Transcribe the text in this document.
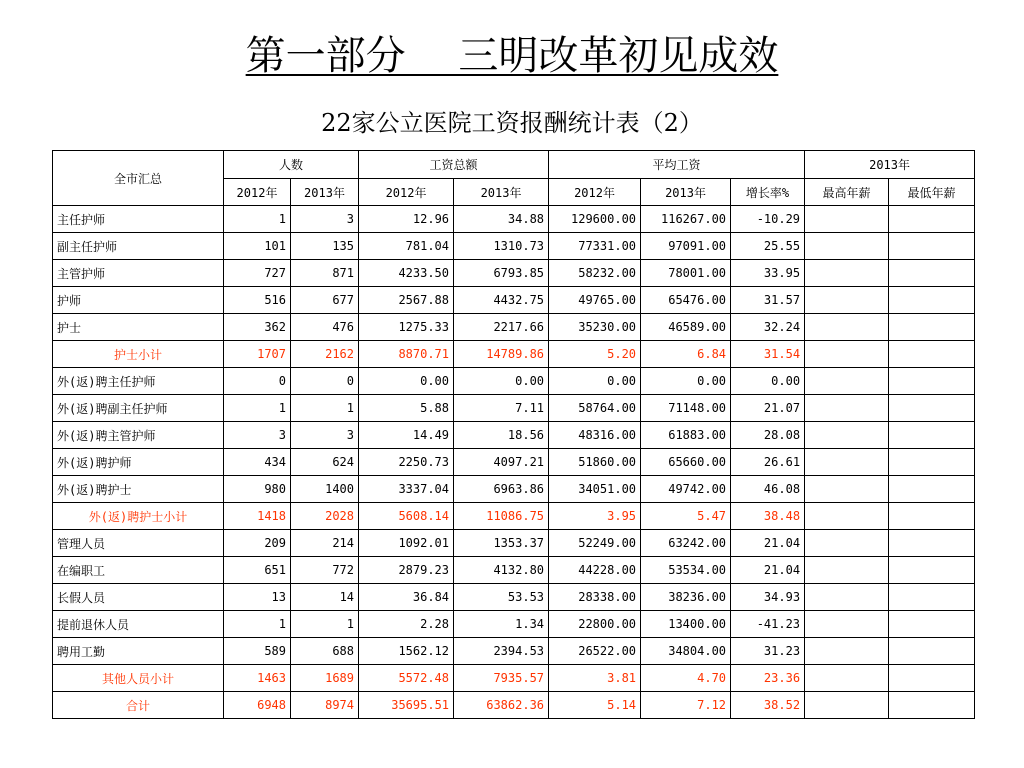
第一部分　 三明改革初见成效
22家公立医院工资报酬统计表（2）
全市汇总	人数		工资总额		平均工资			2013年	
	2012年	2013年	2012年	2013年	2012年	2013年	增长率%	最高年薪	最低年薪
主任护师	1	3	12.96	34.88	129600.00	116267.00	-10.29		
副主任护师	101	135	781.04	1310.73	77331.00	97091.00	25.55		
主管护师	727	871	4233.50	6793.85	58232.00	78001.00	33.95		
护师	516	677	2567.88	4432.75	49765.00	65476.00	31.57		
护士	362	476	1275.33	2217.66	35230.00	46589.00	32.24		
护士小计	1707	2162	8870.71	14789.86	5.20	6.84	31.54		
外(返)聘主任护师	0	0	0.00	0.00	0.00	0.00	0.00		
外(返)聘副主任护师	1	1	5.88	7.11	58764.00	71148.00	21.07		
外(返)聘主管护师	3	3	14.49	18.56	48316.00	61883.00	28.08		
外(返)聘护师	434	624	2250.73	4097.21	51860.00	65660.00	26.61		
外(返)聘护士	980	1400	3337.04	6963.86	34051.00	49742.00	46.08		
外(返)聘护士小计	1418	2028	5608.14	11086.75	3.95	5.47	38.48		
管理人员	209	214	1092.01	1353.37	52249.00	63242.00	21.04		
在编职工	651	772	2879.23	4132.80	44228.00	53534.00	21.04		
长假人员	13	14	36.84	53.53	28338.00	38236.00	34.93		
提前退休人员	1	1	2.28	1.34	22800.00	13400.00	-41.23		
聘用工勤	589	688	1562.12	2394.53	26522.00	34804.00	31.23		
其他人员小计	1463	1689	5572.48	7935.57	3.81	4.70	23.36		
合计	6948	8974	35695.51	63862.36	5.14	7.12	38.52		
